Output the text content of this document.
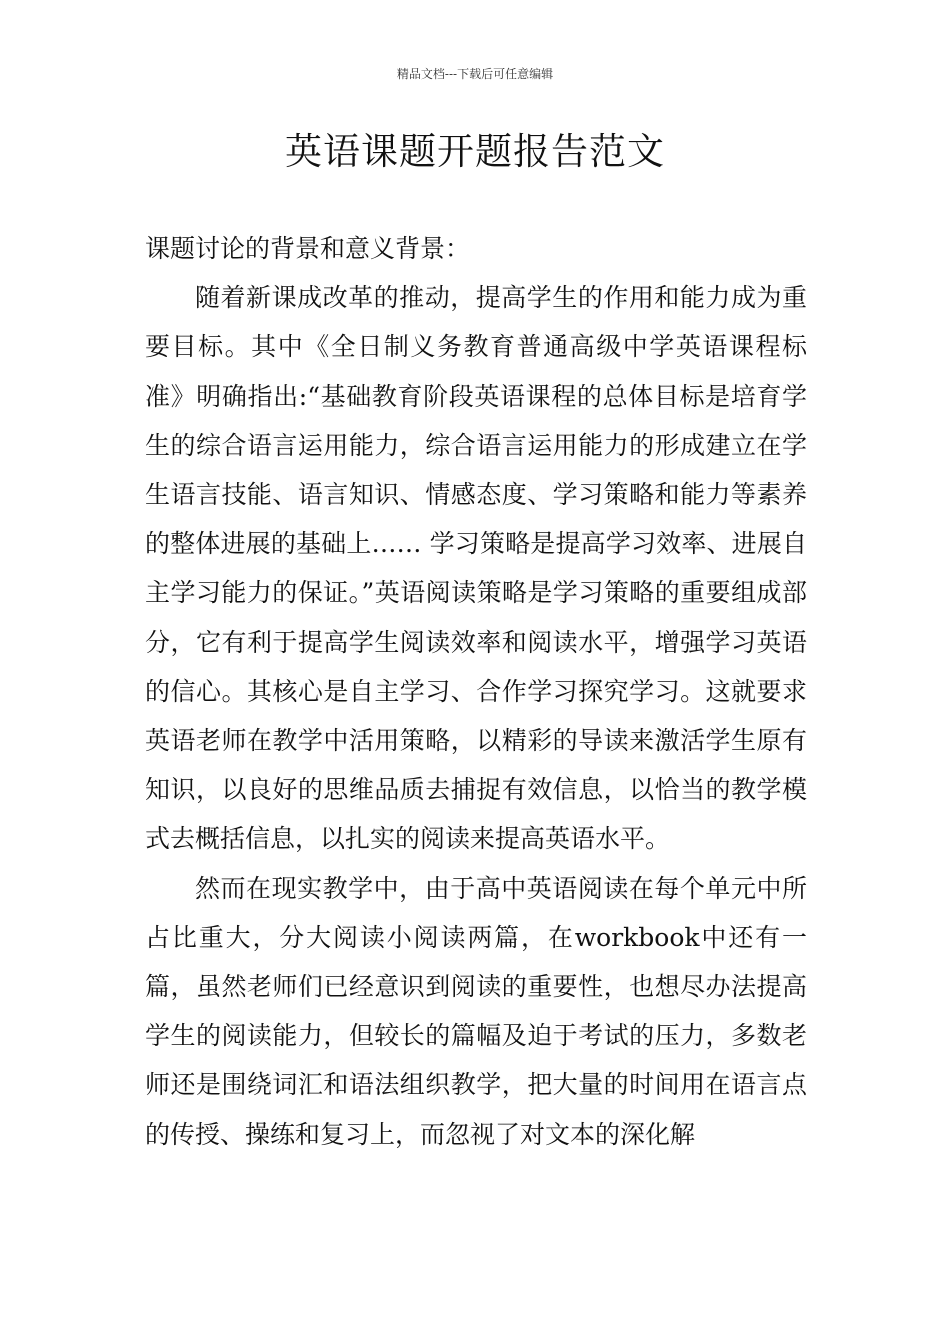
精品文档---下载后可任意编辑
英语课题开题报告范文

课题讨论的背景和意义背景：

随着新课成改革的推动，提高学生的作用和能力成为重要目标。其中《全日制义务教育普通高级中学英语课程标准》明确指出:“基础教育阶段英语课程的总体目标是培育学生的综合语言运用能力，综合语言运用能力的形成建立在学生语言技能、语言知识、情感态度、学习策略和能力等素养的整体进展的基础上…… 学习策略是提高学习效率、进展自主学习能力的保证。”英语阅读策略是学习策略的重要组成部分，它有利于提高学生阅读效率和阅读水平，增强学习英语的信心。其核心是自主学习、合作学习探究学习。这就要求英语老师在教学中活用策略，以精彩的导读来激活学生原有知识，以良好的思维品质去捕捉有效信息，以恰当的教学模式去概括信息，以扎实的阅读来提高英语水平。

然而在现实教学中，由于高中英语阅读在每个单元中所占比重大，分大阅读小阅读两篇，在workbook中还有一篇，虽然老师们已经意识到阅读的重要性，也想尽办法提高学生的阅读能力，但较长的篇幅及迫于考试的压力，多数老师还是围绕词汇和语法组织教学，把大量的时间用在语言点的传授、操练和复习上，而忽视了对文本的深化解
